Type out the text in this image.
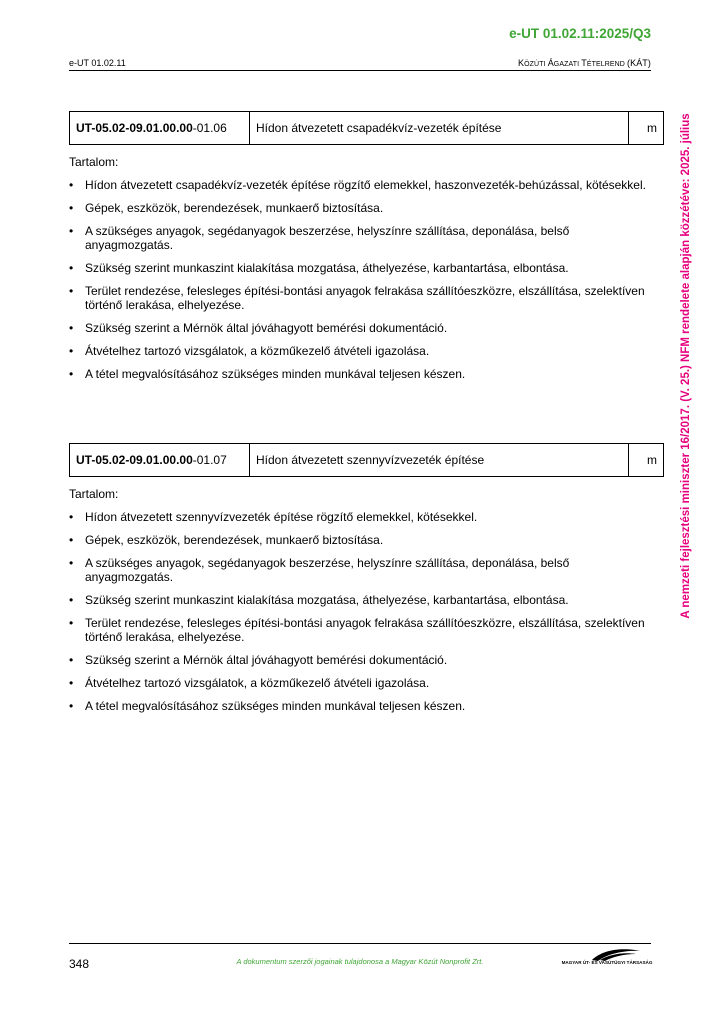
e-UT 01.02.11:2025/Q3
e-UT 01.02.11	KÖZÚTI ÁGAZATI TÉTELREND (KÁT)
A nemzeti fejlesztési miniszter 16/2017. (V. 25.) NFM rendelete alapján közzétéve: 2025. július
UT-05.02-09.01.00.00-01.06	Hídon átvezetett csapadékvíz-vezeték építése	m
Tartalom:
• Hídon átvezetett csapadékvíz-vezeték építése rögzítő elemekkel, haszonvezeték-behúzással, kötésekkel.
• Gépek, eszközök, berendezések, munkaerő biztosítása.
• A szükséges anyagok, segédanyagok beszerzése, helyszínre szállítása, deponálása, belső anyagmozgatás.
• Szükség szerint munkaszint kialakítása mozgatása, áthelyezése, karbantartása, elbontása.
• Terület rendezése, felesleges építési-bontási anyagok felrakása szállítóeszközre, elszállítása, szelektíven történő lerakása, elhelyezése.
• Szükség szerint a Mérnök által jóváhagyott bemérési dokumentáció.
• Átvételhez tartozó vizsgálatok, a közműkezelő átvételi igazolása.
• A tétel megvalósításához szükséges minden munkával teljesen készen.
UT-05.02-09.01.00.00-01.07	Hídon átvezetett szennyvízvezeték építése	m
Tartalom:
• Hídon átvezetett szennyvízvezeték építése rögzítő elemekkel, kötésekkel.
• Gépek, eszközök, berendezések, munkaerő biztosítása.
• A szükséges anyagok, segédanyagok beszerzése, helyszínre szállítása, deponálása, belső anyagmozgatás.
• Szükség szerint munkaszint kialakítása mozgatása, áthelyezése, karbantartása, elbontása.
• Terület rendezése, felesleges építési-bontási anyagok felrakása szállítóeszközre, elszállítása, szelektíven történő lerakása, elhelyezése.
• Szükség szerint a Mérnök által jóváhagyott bemérési dokumentáció.
• Átvételhez tartozó vizsgálatok, a közműkezelő átvételi igazolása.
• A tétel megvalósításához szükséges minden munkával teljesen készen.
348	A dokumentum szerzői jogainak tulajdonosa a Magyar Közút Nonprofit Zrt.	MAGYAR ÚT- ÉS VASÚTÜGYI TÁRSASÁG
